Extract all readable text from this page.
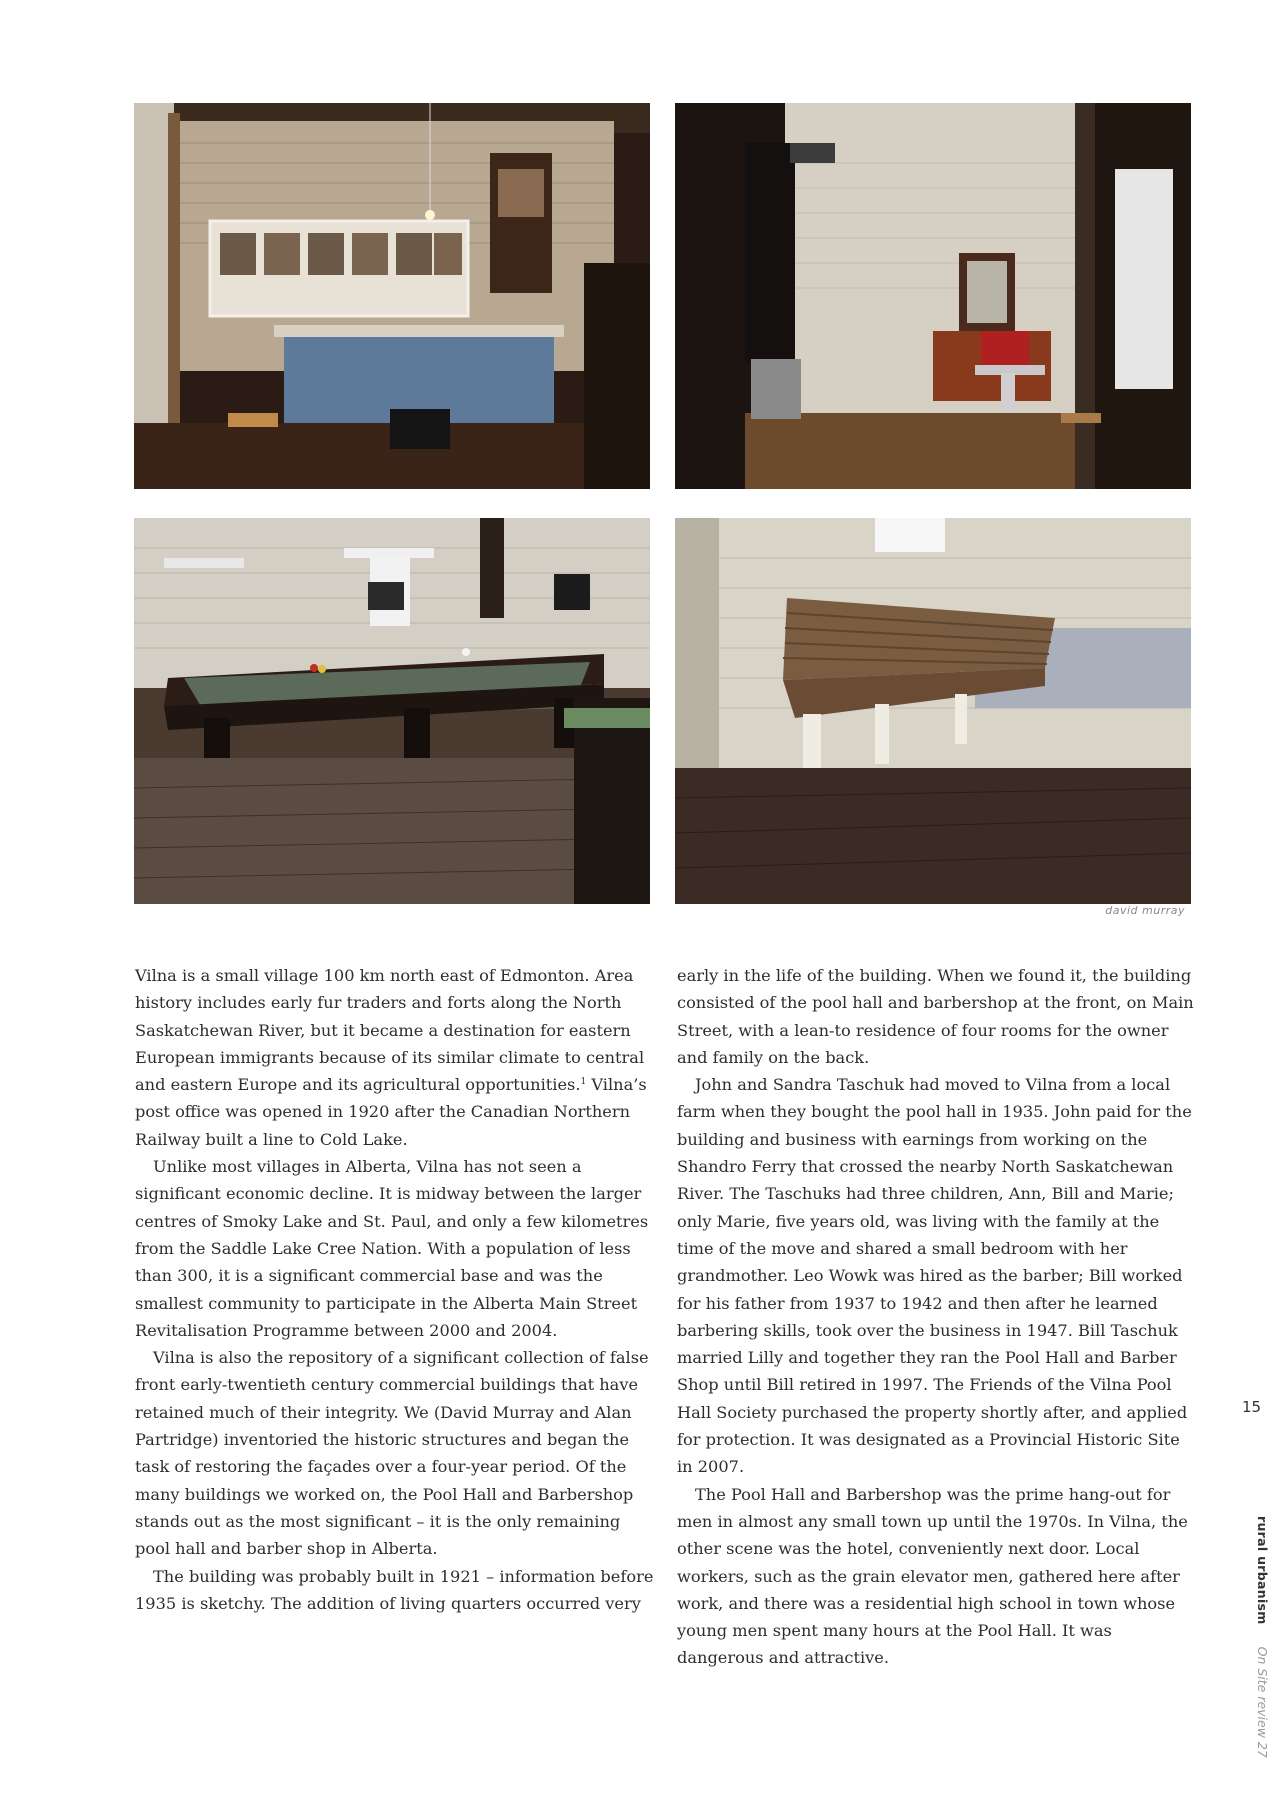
david murray

Vilna is a small village 100 km north east of Edmonton. Area history includes early fur traders and forts along the North Saskatchewan River, but it became a destination for eastern European immigrants because of its similar climate to central and eastern Europe and its agricultural opportunities.$^1$ Vilna’s post office was opened in 1920 after the Canadian Northern Railway built a line to Cold Lake.

Unlike most villages in Alberta, Vilna has not seen a significant economic decline. It is midway between the larger centres of Smoky Lake and St. Paul, and only a few kilometres from the Saddle Lake Cree Nation. With a population of less than 300, it is a significant commercial base and was the smallest community to participate in the Alberta Main Street Revitalisation Programme between 2000 and 2004.

Vilna is also the repository of a significant collection of false front early-twentieth century commercial buildings that have retained much of their integrity. We (David Murray and Alan Partridge) inventoried the historic structures and began the task of restoring the façades over a four-year period. Of the many buildings we worked on, the Pool Hall and Barbershop stands out as the most significant – it is the only remaining pool hall and barber shop in Alberta.

The building was probably built in 1921 – information before 1935 is sketchy. The addition of living quarters occurred very

early in the life of the building. When we found it, the building consisted of the pool hall and barbershop at the front, on Main Street, with a lean-to residence of four rooms for the owner and family on the back.

John and Sandra Taschuk had moved to Vilna from a local farm when they bought the pool hall in 1935. John paid for the building and business with earnings from working on the Shandro Ferry that crossed the nearby North Saskatchewan River. The Taschuks had three children, Ann, Bill and Marie; only Marie, five years old, was living with the family at the time of the move and shared a small bedroom with her grandmother. Leo Wowk was hired as the barber; Bill worked for his father from 1937 to 1942 and then after he learned barbering skills, took over the business in 1947. Bill Taschuk married Lilly and together they ran the Pool Hall and Barber Shop until Bill retired in 1997. The Friends of the Vilna Pool Hall Society purchased the property shortly after, and applied for protection. It was designated as a Provincial Historic Site in 2007.

The Pool Hall and Barbershop was the prime hang-out for men in almost any small town up until the 1970s. In Vilna, the other scene was the hotel, conveniently next door. Local workers, such as the grain elevator men, gathered here after work, and there was a residential high school in town whose young men spent many hours at the Pool Hall. It was dangerous and attractive.

15
rural urbanismOn Site review 27
